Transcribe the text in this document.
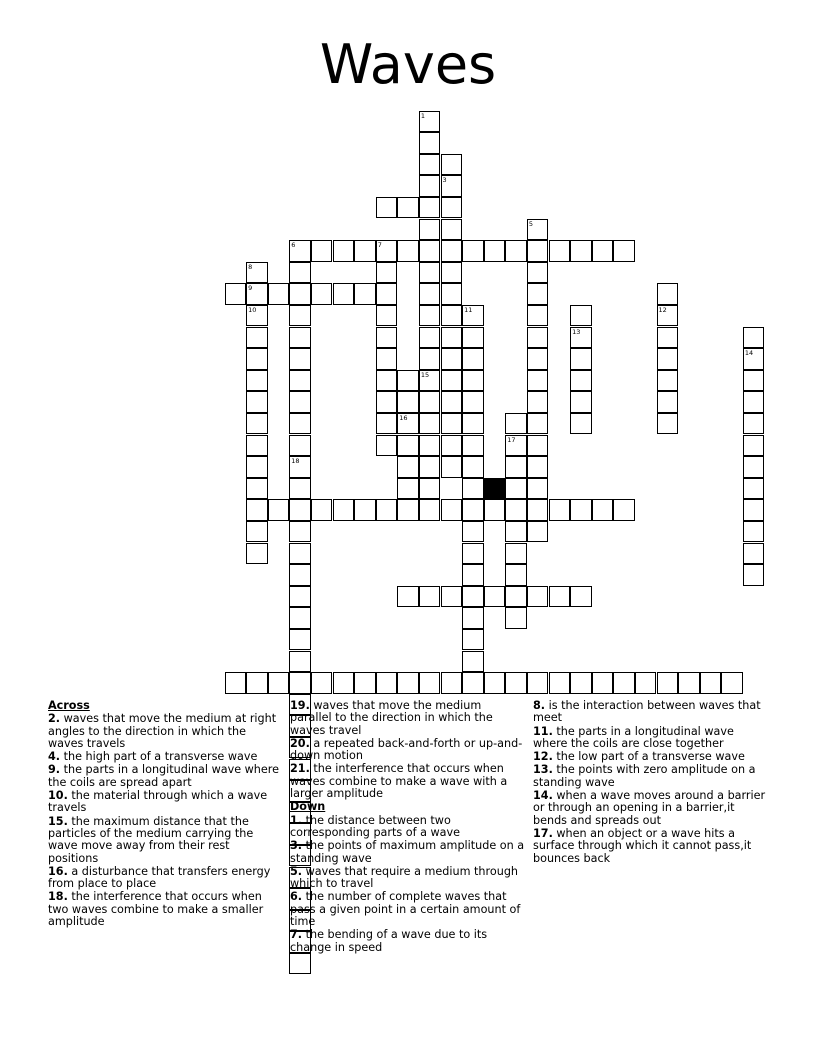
Waves
1
3
5
6
18
7
8
9
10	11	12
13
14
15
16
17
Across
2. waves that move the medium at right angles to the direction in which the waves travels
4. the high part of a transverse wave
9. the parts in a longitudinal wave where the coils are spread apart
10. the material through which a wave travels
15. the maximum distance that the particles of the medium carrying the wave move away from their rest positions
16. a disturbance that transfers energy from place to place
18. the interference that occurs when two waves combine to make a smaller amplitude
19. waves that move the medium parallel to the direction in which the waves travel
20. a repeated back-and-forth or up-and-down motion
21. the interference that occurs when waves combine to make a wave with a larger amplitude
Down
1. the distance between two corresponding parts of a wave
3. the points of maximum amplitude on a standing wave
5. waves that require a medium through which to travel
6. the number of complete waves that pass a given point in a certain amount of time
7. the bending of a wave due to its change in speed
8. is the interaction between waves that meet
11. the parts in a longitudinal wave where the coils are close together
12. the low part of a transverse wave
13. the points with zero amplitude on a standing wave
14. when a wave moves around a barrier or through an opening in a barrier,it bends and spreads out
17. when an object or a wave hits a surface through which it cannot pass,it bounces back
